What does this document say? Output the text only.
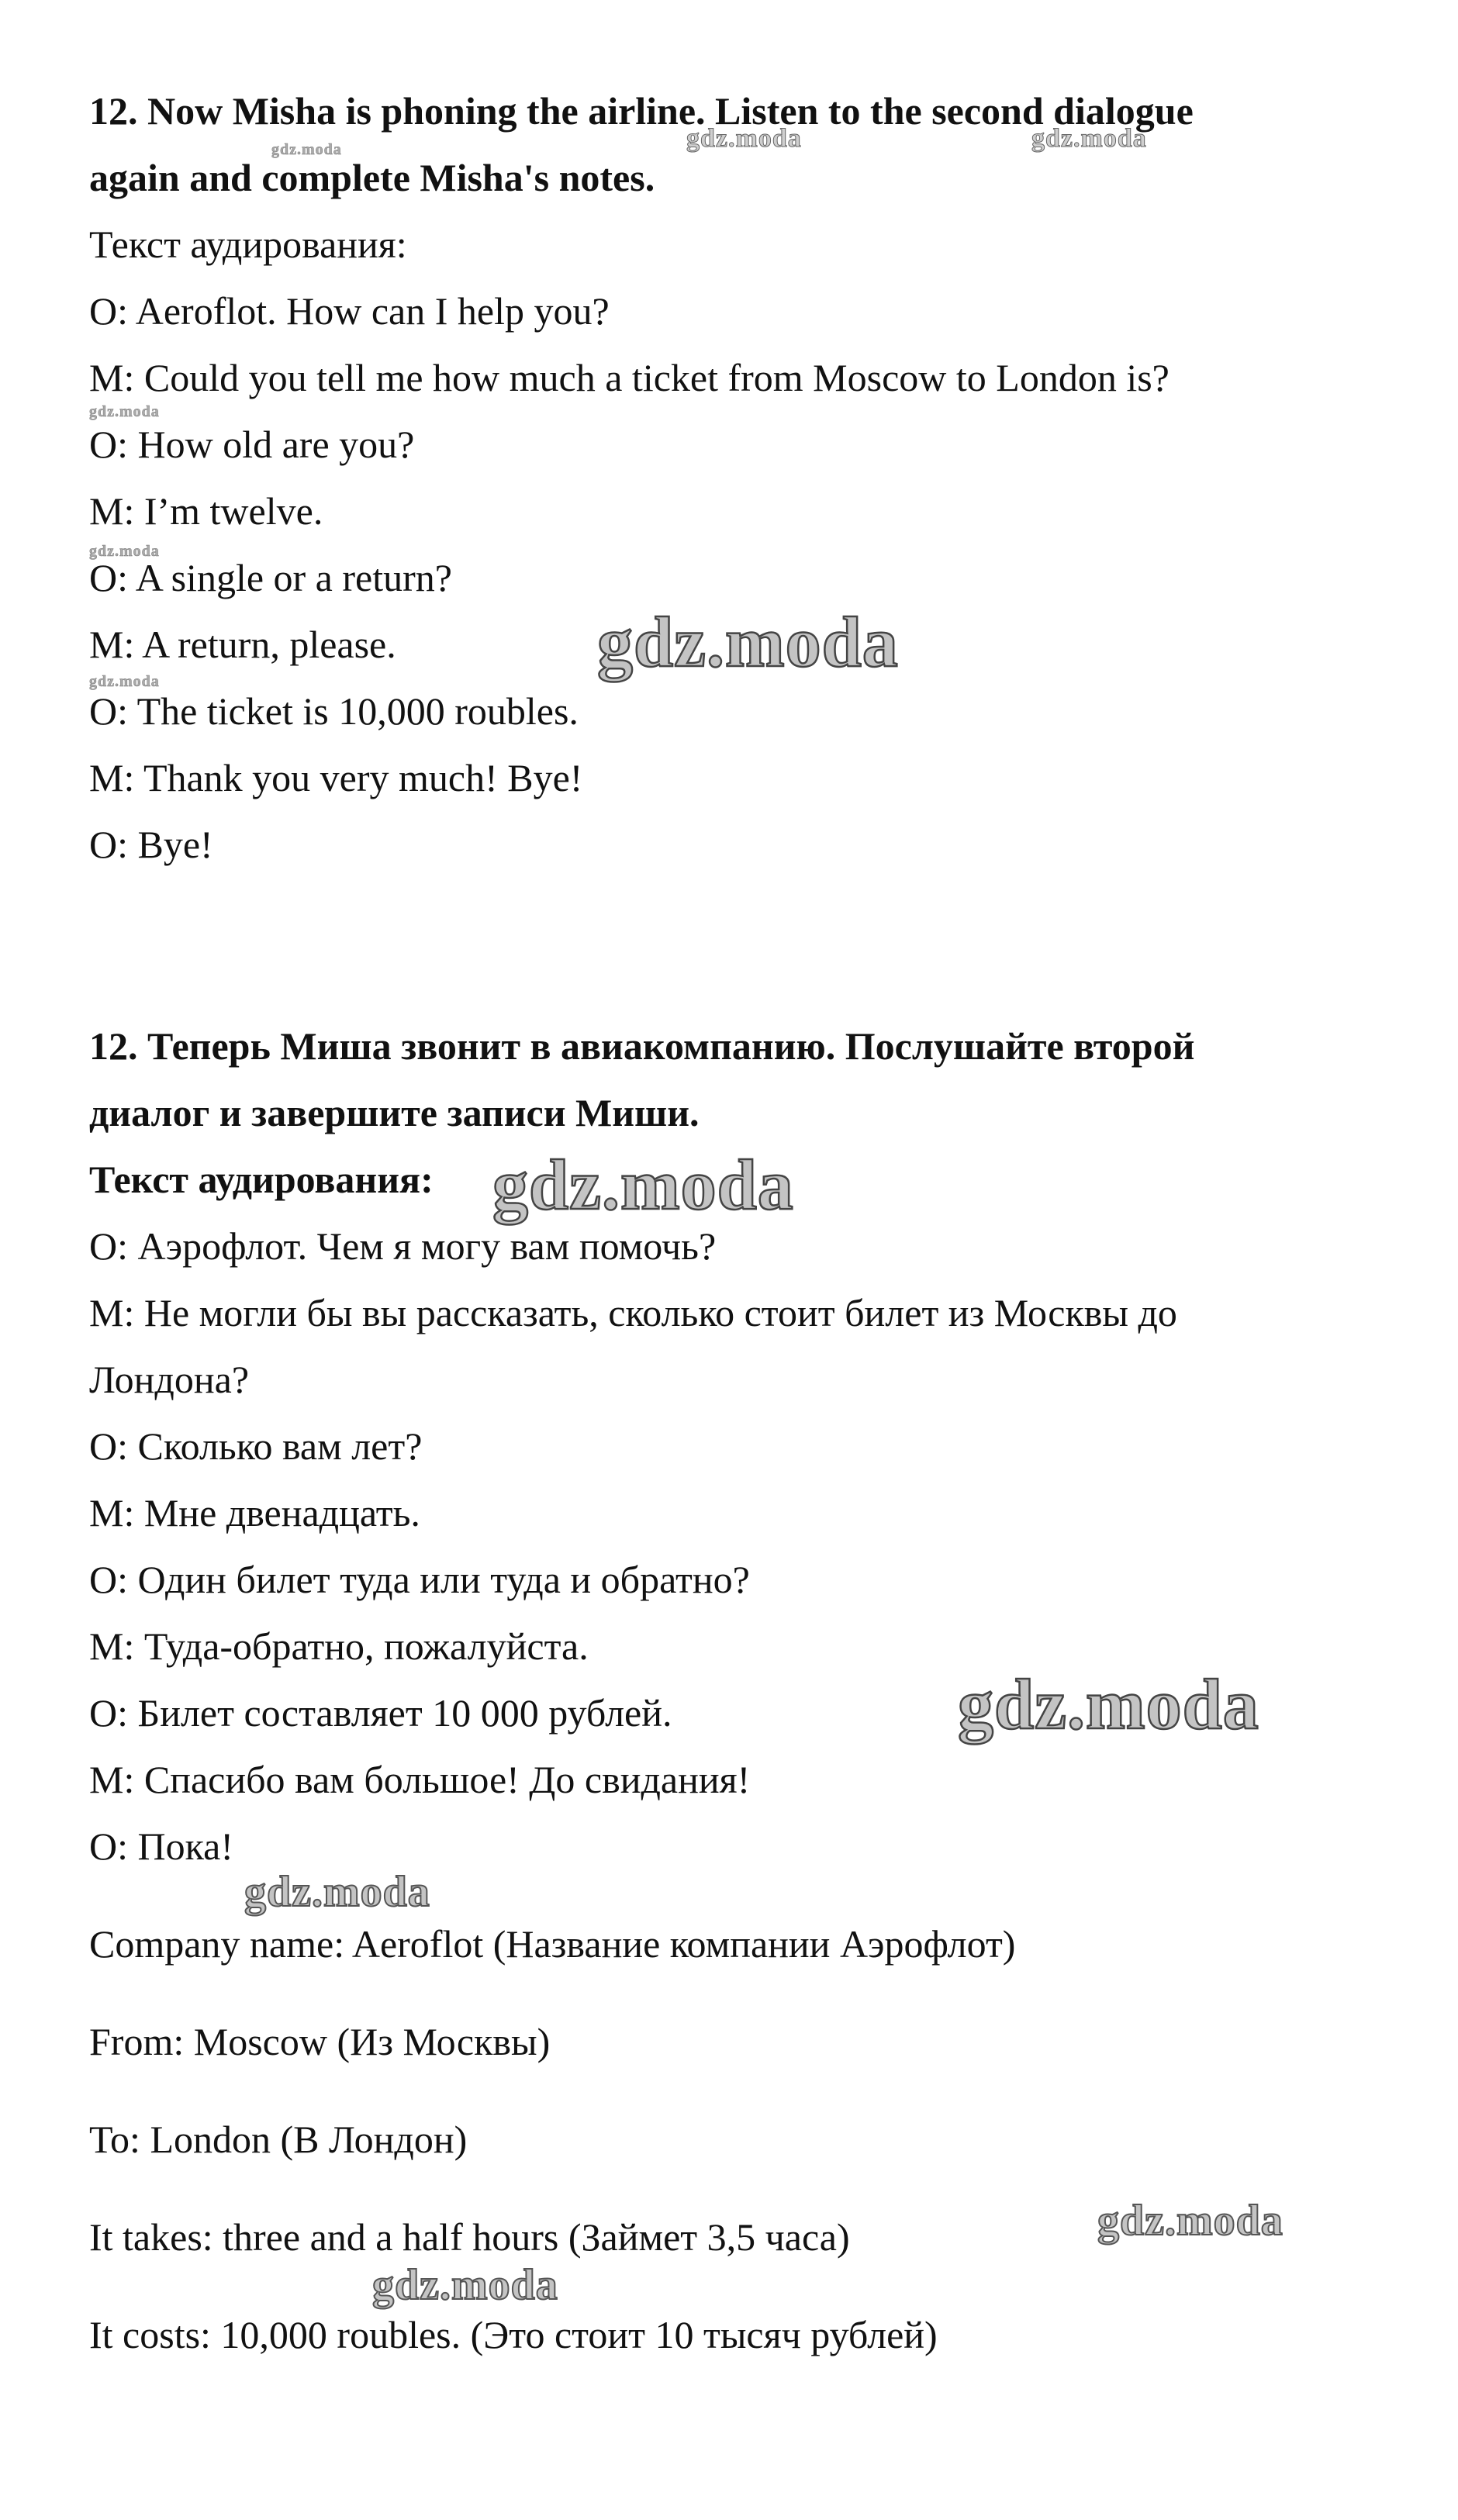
12. Now Misha is phoning the airline. Listen to the second dialogue
again and complete Misha's notes.
Текст аудирования:
O: Aeroflot. How can I help you?
M: Could you tell me how much a ticket from Moscow to London is?
O: How old are you?
M: I’m twelve.
O: A single or a return?
M: A return, please.
O: The ticket is 10,000 roubles.
M: Thank you very much! Bye!
O: Bye!
12. Теперь Миша звонит в авиакомпанию. Послушайте второй
диалог и завершите записи Миши.
Текст аудирования:
O: Аэрофлот. Чем я могу вам помочь?
M: Не могли бы вы рассказать, сколько стоит билет из Москвы до
Лондона?
O: Сколько вам лет?
M: Мне двенадцать.
O: Один билет туда или туда и обратно?
M: Туда-обратно, пожалуйста.
O: Билет составляет 10 000 рублей.
M: Спасибо вам большое! До свидания!
O: Пока!
Company name: Aeroflot (Название компании Аэрофлот)
From: Moscow (Из Москвы)
To: London (В Лондон)
It takes: three and a half hours (Займет 3,5 часа)
It costs: 10,000 roubles. (Это стоит 10 тысяч рублей)
gdz.moda	gdz.moda	gdz.moda
gdz.moda
gdz.moda
gdz.moda	gdz.moda
gdz.moda
gdz.moda
gdz.moda
gdz.moda
gdz.moda
